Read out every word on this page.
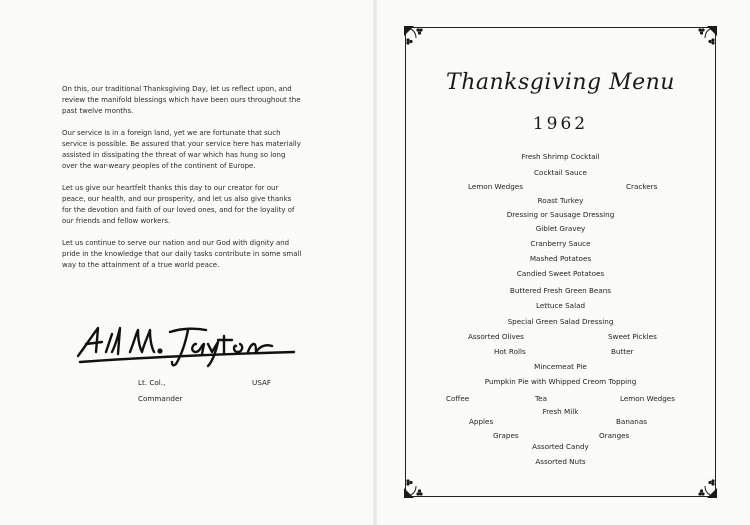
On this, our traditional Thanksgiving Day, let us reflect upon, and review the manifold blessings which have been ours throughout the past twelve months.

Our service is in a foreign land, yet we are fortunate that such service is possible. Be assured that your service here has materially assisted in dissipating the threat of war which has hung so long over the war-weary peoples of the continent of Europe.

Let us give our heartfelt thanks this day to our creator for our peace, our health, and our prosperity, and let us also give thanks for the devotion and faith of our loved ones, and for the loyality of our friends and fellow workers.

Let us continue to serve our nation and our God with dignity and pride in the knowledge that our daily tasks contribute in some small way to the attainment of a true world peace.

Lt. Col.,	USAF
Commander
Thanksgiving Menu
1962
Fresh Shrimp Cocktail
Cocktail Sauce
Lemon Wedges	Crackers
Roast Turkey
Dressing or Sausage Dressing
Giblet Gravey
Cranberry Sauce
Mashed Potatoes
Candied Sweet Potatoes
Buttered Fresh Green Beans
Lettuce Salad
Special Green Salad Dressing
Assorted Olives	Sweet Pickles
Hot Rolls	Butter
Mincemeat Pie
Pumpkin Pie with Whipped Creom Topping
Coffee	Tea	Lemon Wedges
Fresh Milk
Apples	Bananas
Grapes	Oranges
Assorted Candy
Assorted Nuts
